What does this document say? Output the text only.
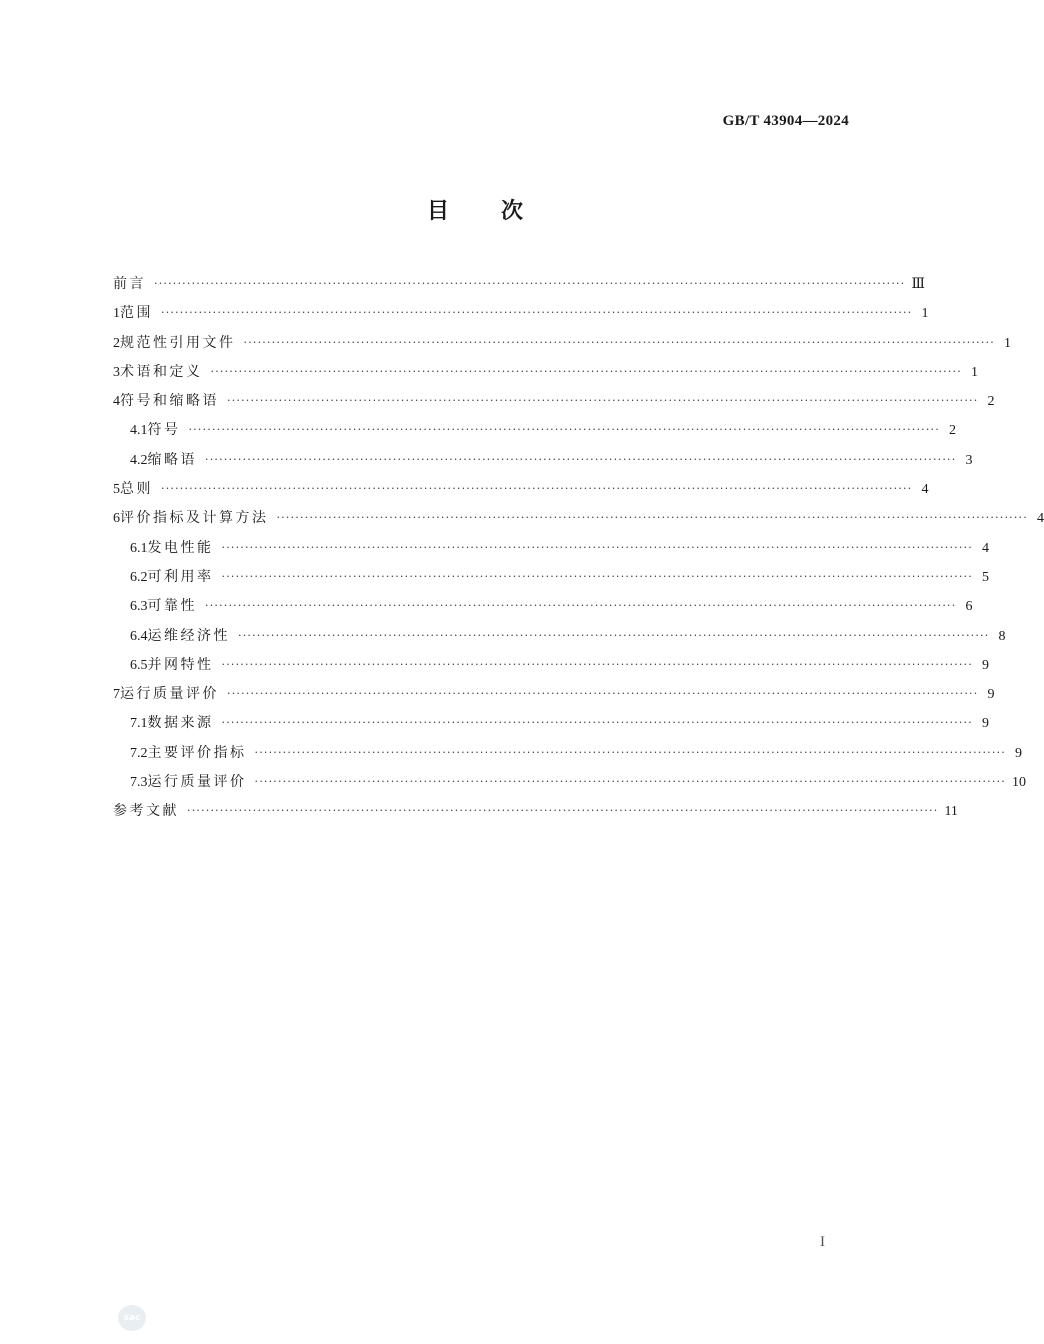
GB/T 43904—2024
目次
前言 ································································································································································ Ⅲ
1 范围 ································································································································································ 1
2 规范性引用文件 ································································································································································ 1
3 术语和定义 ································································································································································ 1
4 符号和缩略语 ································································································································································ 2
4.1 符号 ································································································································································ 2
4.2 缩略语 ································································································································································ 3
5 总则 ································································································································································ 4
6 评价指标及计算方法 ································································································································································ 4
6.1 发电性能 ································································································································································ 4
6.2 可利用率 ································································································································································ 5
6.3 可靠性 ································································································································································ 6
6.4 运维经济性 ································································································································································ 8
6.5 并网特性 ································································································································································ 9
7 运行质量评价 ································································································································································ 9
7.1 数据来源 ································································································································································ 9
7.2 主要评价指标 ································································································································································ 9
7.3 运行质量评价 ································································································································································ 10
参考文献 ································································································································································ 11
I
sac
